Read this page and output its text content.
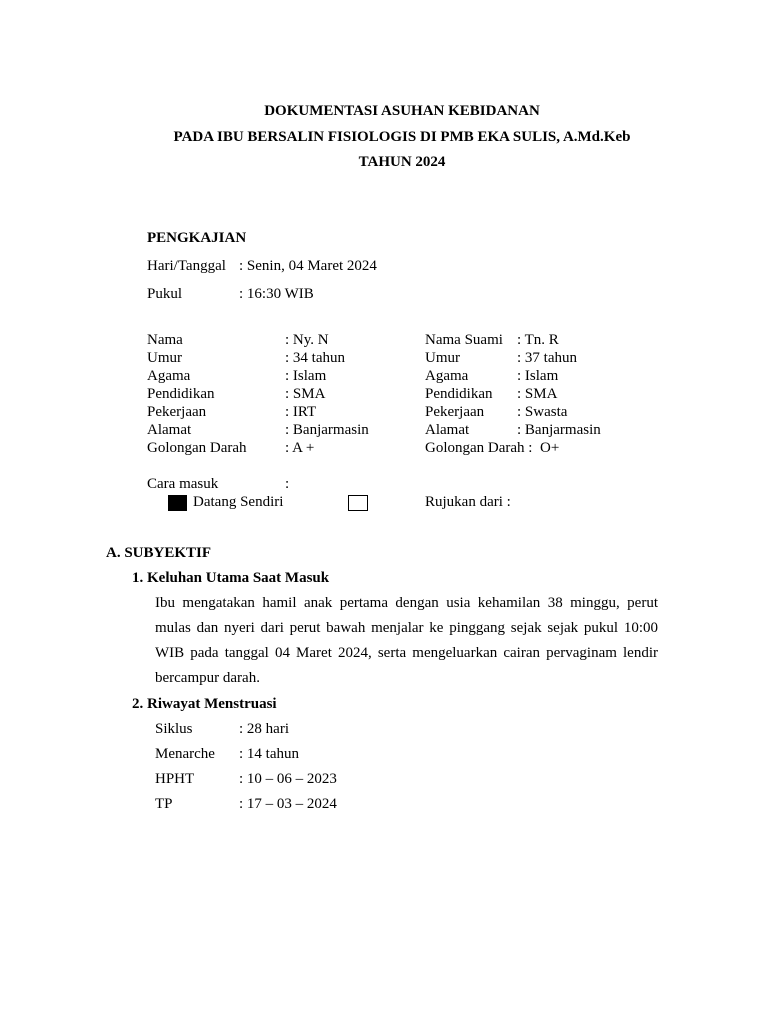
DOKUMENTASI ASUHAN KEBIDANAN
PADA IBU BERSALIN FISIOLOGIS DI PMB EKA SULIS, A.Md.Keb
TAHUN 2024
PENGKAJIAN
Hari/Tanggal : Senin, 04 Maret 2024
Pukul	: 16:30 WIB
Nama	: Ny. N
Umur	: 34 tahun
Agama	: Islam
Pendidikan	: SMA
Pekerjaan	: IRT
Alamat	: Banjarmasin
Golongan Darah	: A +
Nama Suami : Tn. R
Umur	: 37 tahun
Agama	: Islam
Pendidikan : SMA
Pekerjaan : Swasta
Alamat	: Banjarmasin
Golongan Darah : O+
Cara masuk	:
Datang Sendiri	Rujukan dari :
A. SUBYEKTIF
1. Keluhan Utama Saat Masuk
Ibu mengatakan hamil anak pertama dengan usia kehamilan 38 minggu, perut mulas dan nyeri dari perut bawah menjalar ke pinggang sejak sejak pukul 10:00 WIB pada tanggal 04 Maret 2024, serta mengeluarkan cairan pervaginam lendir bercampur darah.
2. Riwayat Menstruasi
Siklus	: 28 hari
Menarche : 14 tahun
HPHT	: 10 – 06 – 2023
TP	: 17 – 03 – 2024
